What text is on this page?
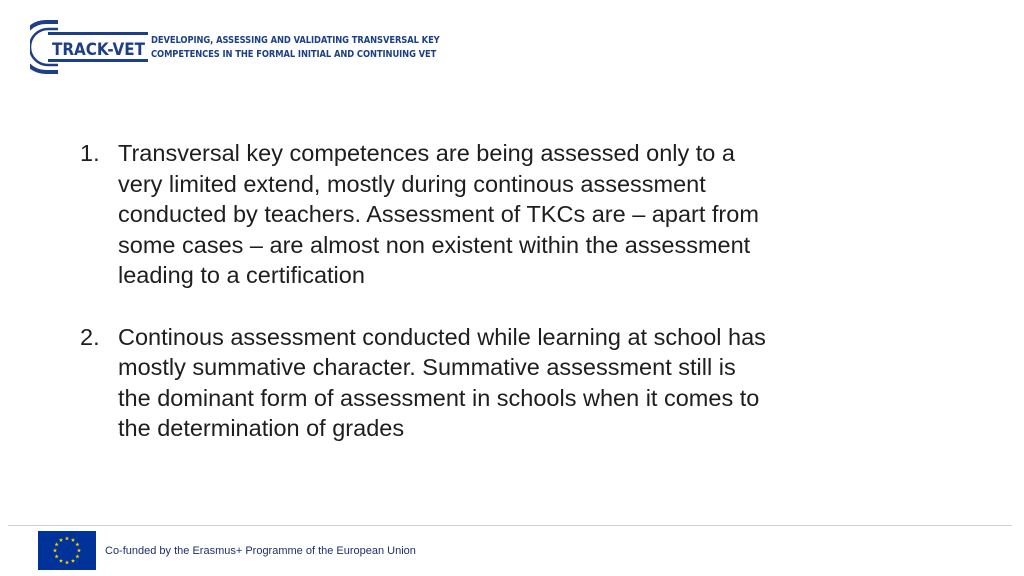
TRACK-VET DEVELOPING, ASSESSING AND VALIDATING TRANSVERSAL KEY
COMPETENCES IN THE FORMAL INITIAL AND CONTINUING VET
1. Transversal key competences are being assessed only to a very limited extend, mostly during continous assessment conducted by teachers. Assessment of TKCs are – apart from some cases – are almost non existent within the assessment leading to a certification
2. Continous assessment conducted while learning at school has mostly summative character. Summative assessment still is the dominant form of assessment in schools when it comes to the determination of grades
Co-funded by the Erasmus+ Programme of the European Union
